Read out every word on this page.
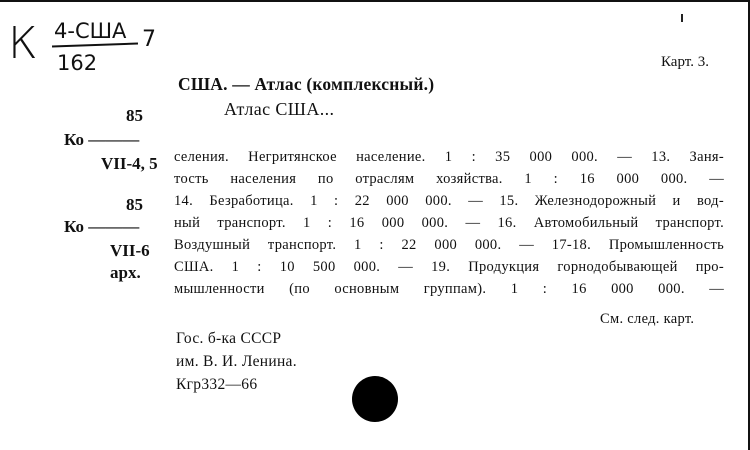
К 4-США
162
7
Карт. 3.
США. — Атлас (комплексный.)
Атлас США...
85
Ко ———
VII-4, 5
85
Ко ———
VII-6
арх.
селения. Негритянское население. 1 : 35 000 000. — 13. Заня-
тость населения по отраслям хозяйства. 1 : 16 000 000. —
14. Безработица. 1 : 22 000 000. — 15. Железнодорожный и вод-
ный транспорт. 1 : 16 000 000. — 16. Автомобильный транспорт.
Воздушный транспорт. 1 : 22 000 000. — 17-18. Промышленность
США. 1 : 10 500 000. — 19. Продукция горнодобывающей про-
мышленности (по основным группам). 1 : 16 000 000. —
См. след. карт.
Гос. б-ка СССР
им. В. И. Ленина.
Кгр332—66
